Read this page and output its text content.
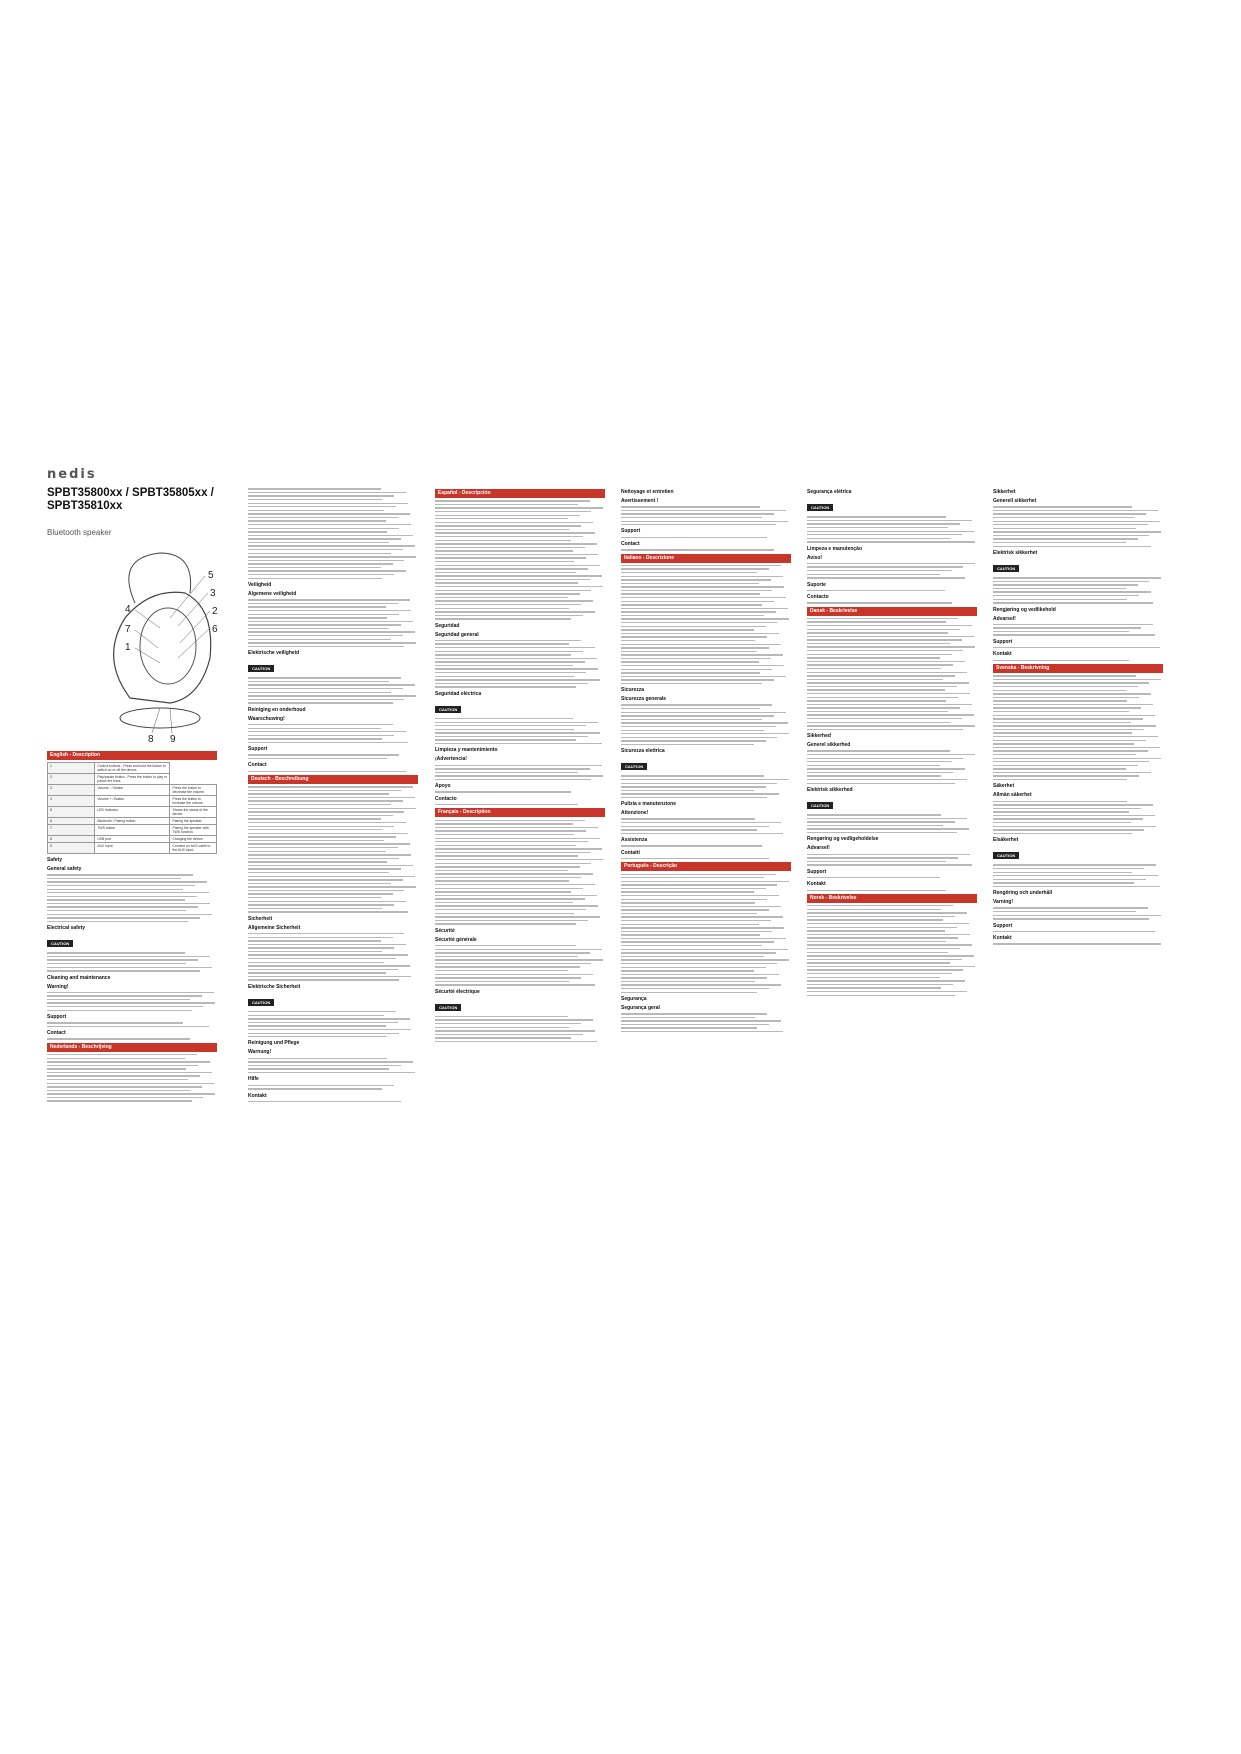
nedis
SPBT35800xx / SPBT35805xx / SPBT35810xx
Bluetooth speaker
5
3
2
6
4
7
1
8 9
English - Description
1	Control buttons - Press and hold the button to switch on or off the device.	
2	Play/pause button - Press the button to play or pause the track.	
3	Volume - / Button	Press the button to decrease the volume.
4	Volume + / Button	Press the button to increase the volume.
5	LED Indicator	Shows the status of the device.
6	Bluetooth / Pairing button	Pairing the speaker.
7	TWS button	Pairing the speaker with TWS function.
8	USB port	Charging the device.
9	AUX input	Connect an AUX cable to the AUX input.
Safety
General safety
Electrical safety
CAUTION
Cleaning and maintenance
Warning!
Support
Contact
Nederlands - Beschrijving
Veiligheid
Algemene veiligheid
Elektrische veiligheid
CAUTION
Reiniging en onderhoud
Waarschuwing!
Support
Contact
Deutsch - Beschreibung
Sicherheit
Allgemeine Sicherheit
Elektrische Sicherheit
CAUTION
Reinigung und Pflege
Warnung!
Hilfe
Kontakt
Español - Descripción
Seguridad
Seguridad general
Seguridad eléctrica
CAUTION
Limpieza y mantenimiento
¡Advertencia!
Apoyo
Contacto
Français - Description
Sécurité
Sécurité générale
Sécurité électrique
CAUTION
Nettoyage et entretien
Avertissement !
Support
Contact
Italiano - Descrizione
Sicurezza
Sicurezza generale
Sicurezza elettrica
CAUTION
Pulizia e manutenzione
Attenzione!
Assistenza
Contatti
Português - Descrição
Segurança
Segurança geral
Segurança elétrica
CAUTION
Limpeza e manutenção
Aviso!
Suporte
Contacto
Dansk - Beskrivelse
Sikkerhed
Generel sikkerhed
Elektrisk sikkerhed
CAUTION
Rengøring og vedligeholdelse
Advarsel!
Support
Kontakt
Norsk - Beskrivelse
Sikkerhet
Generell sikkerhet
Elektrisk sikkerhet
CAUTION
Rengjøring og vedlikehold
Advarsel!
Support
Kontakt
Svenska - Beskrivning
Säkerhet
Allmän säkerhet
Elsäkerhet
CAUTION
Rengöring och underhåll
Varning!
Support
Kontakt
